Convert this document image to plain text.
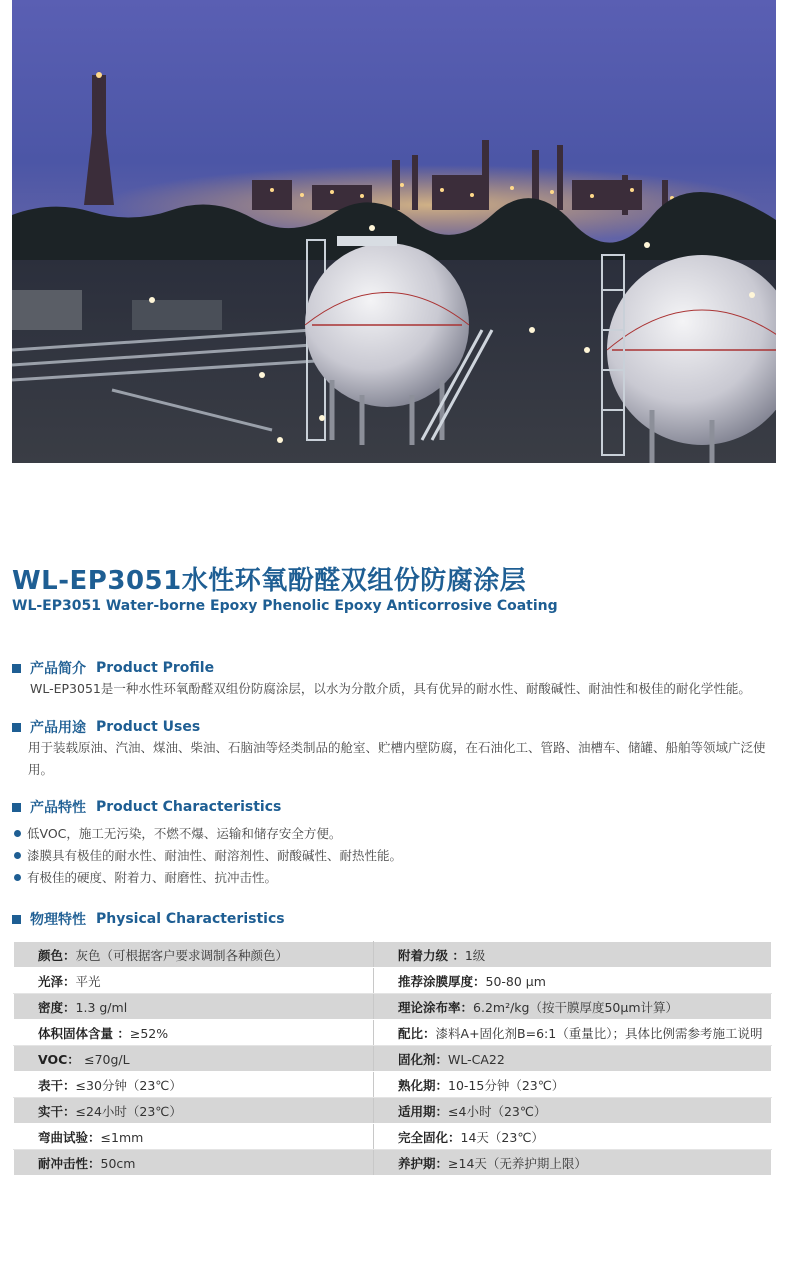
WL-EP3051水性环氧酚醛双组份防腐涂层
WL-EP3051 Water-borne Epoxy Phenolic Epoxy Anticorrosive Coating
产品简介 Product Profile
WL-EP3051是一种水性环氧酚醛双组份防腐涂层，以水为分散介质，具有优异的耐水性、耐酸碱性、耐油性和极佳的耐化学性能。
产品用途 Product Uses
用于装载原油、汽油、煤油、柴油、石脑油等烃类制品的舱室、贮槽内壁防腐，在石油化工、管路、油槽车、储罐、船舶等领域广泛使用。
产品特性 Product Characteristics
低VOC，施工无污染，不燃不爆、运输和储存安全方便。
漆膜具有极佳的耐水性、耐油性、耐溶剂性、耐酸碱性、耐热性能。
有极佳的硬度、附着力、耐磨性、抗冲击性。
物理特性 Physical Characteristics
颜色：灰色（可根据客户要求调制各种颜色）	附着力级 ：1级
光泽：平光	推荐涂膜厚度：50-80 μm
密度：1.3 g/ml	理论涂布率：6.2m²/kg（按干膜厚度50μm计算）
体积固体含量 ：≥52%	配比：漆料A+固化剂B=6:1（重量比）；具体比例需参考施工说明
VOC： ≤70g/L	固化剂：WL-CA22
表干：≤30分钟（23℃）	熟化期：10-15分钟（23℃）
实干：≤24小时（23℃）	适用期：≤4小时（23℃）
弯曲试验：≤1mm	完全固化：14天（23℃）
耐冲击性：50cm	养护期：≥14天（无养护期上限）
